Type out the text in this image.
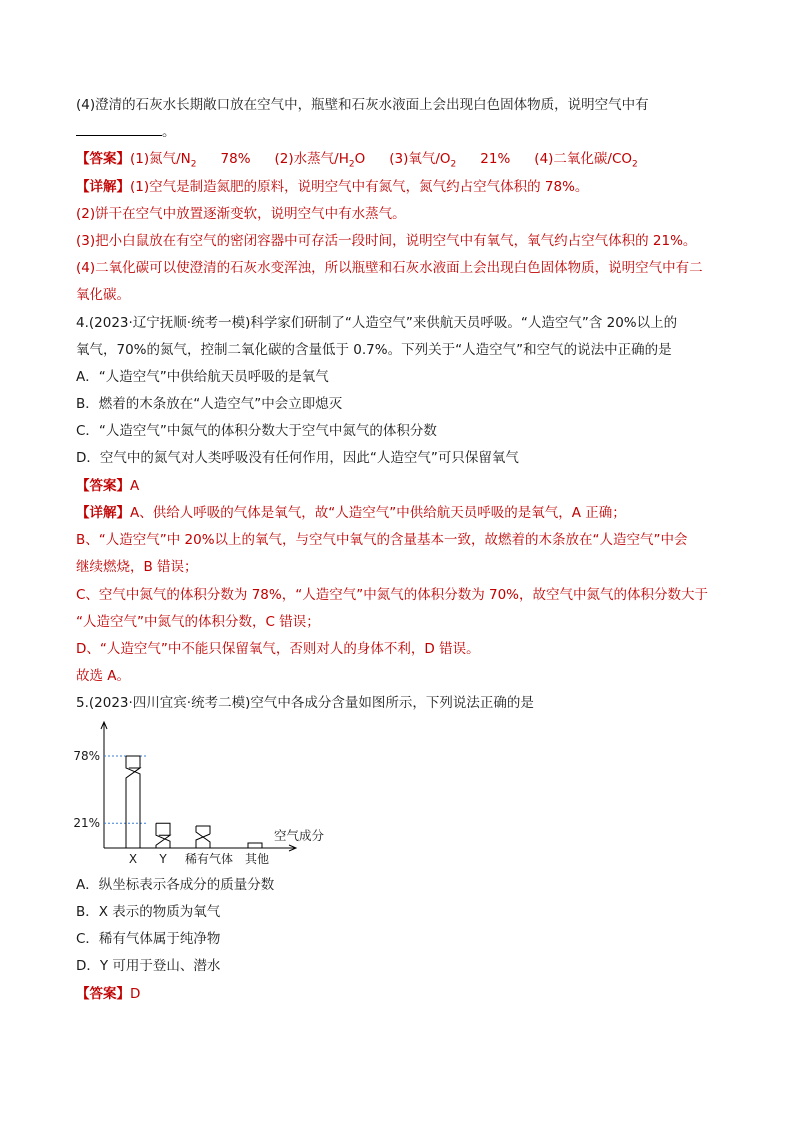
(4)澄清的石灰水长期敞口放在空气中，瓶壁和石灰水液面上会出现白色固体物质，说明空气中有
。
【答案】(1)氮气$/N_2$ 78% (2)水蒸气$/H_2O$ (3)氧气$/O_2$ 21% (4)二氧化碳$/CO_2$
【详解】(1)空气是制造氮肥的原料，说明空气中有氮气，氮气约占空气体积的 78%。
(2)饼干在空气中放置逐渐变软，说明空气中有水蒸气。
(3)把小白鼠放在有空气的密闭容器中可存活一段时间，说明空气中有氧气，氧气约占空气体积的 21%。
(4)二氧化碳可以使澄清的石灰水变浑浊，所以瓶壁和石灰水液面上会出现白色固体物质，说明空气中有二
氧化碳。
4.(2023·辽宁抚顺·统考一模)科学家们研制了“人造空气”来供航天员呼吸。“人造空气”含 20%以上的
氧气，70%的氮气，控制二氧化碳的含量低于 0.7%。下列关于“人造空气”和空气的说法中正确的是
A．“人造空气”中供给航天员呼吸的是氧气
B．燃着的木条放在“人造空气”中会立即熄灭
C．“人造空气”中氮气的体积分数大于空气中氮气的体积分数
D．空气中的氮气对人类呼吸没有任何作用，因此“人造空气”可只保留氧气
【答案】A
【详解】A、供给人呼吸的气体是氧气，故“人造空气”中供给航天员呼吸的是氧气，A 正确；
B、“人造空气”中 20%以上的氧气，与空气中氧气的含量基本一致，故燃着的木条放在“人造空气”中会
继续燃烧，B 错误；
C、空气中氮气的体积分数为 78%，“人造空气”中氮气的体积分数为 70%，故空气中氮气的体积分数大于
“人造空气”中氮气的体积分数，C 错误；
D、“人造空气”中不能只保留氧气，否则对人的身体不利，D 错误。
故选 A。
5.(2023·四川宜宾·统考二模)空气中各成分含量如图所示，下列说法正确的是
78%
21%
X Y 稀有气体 其他
空气成分
A．纵坐标表示各成分的质量分数
B．X 表示的物质为氧气
C．稀有气体属于纯净物
D．Y 可用于登山、潜水
【答案】D
